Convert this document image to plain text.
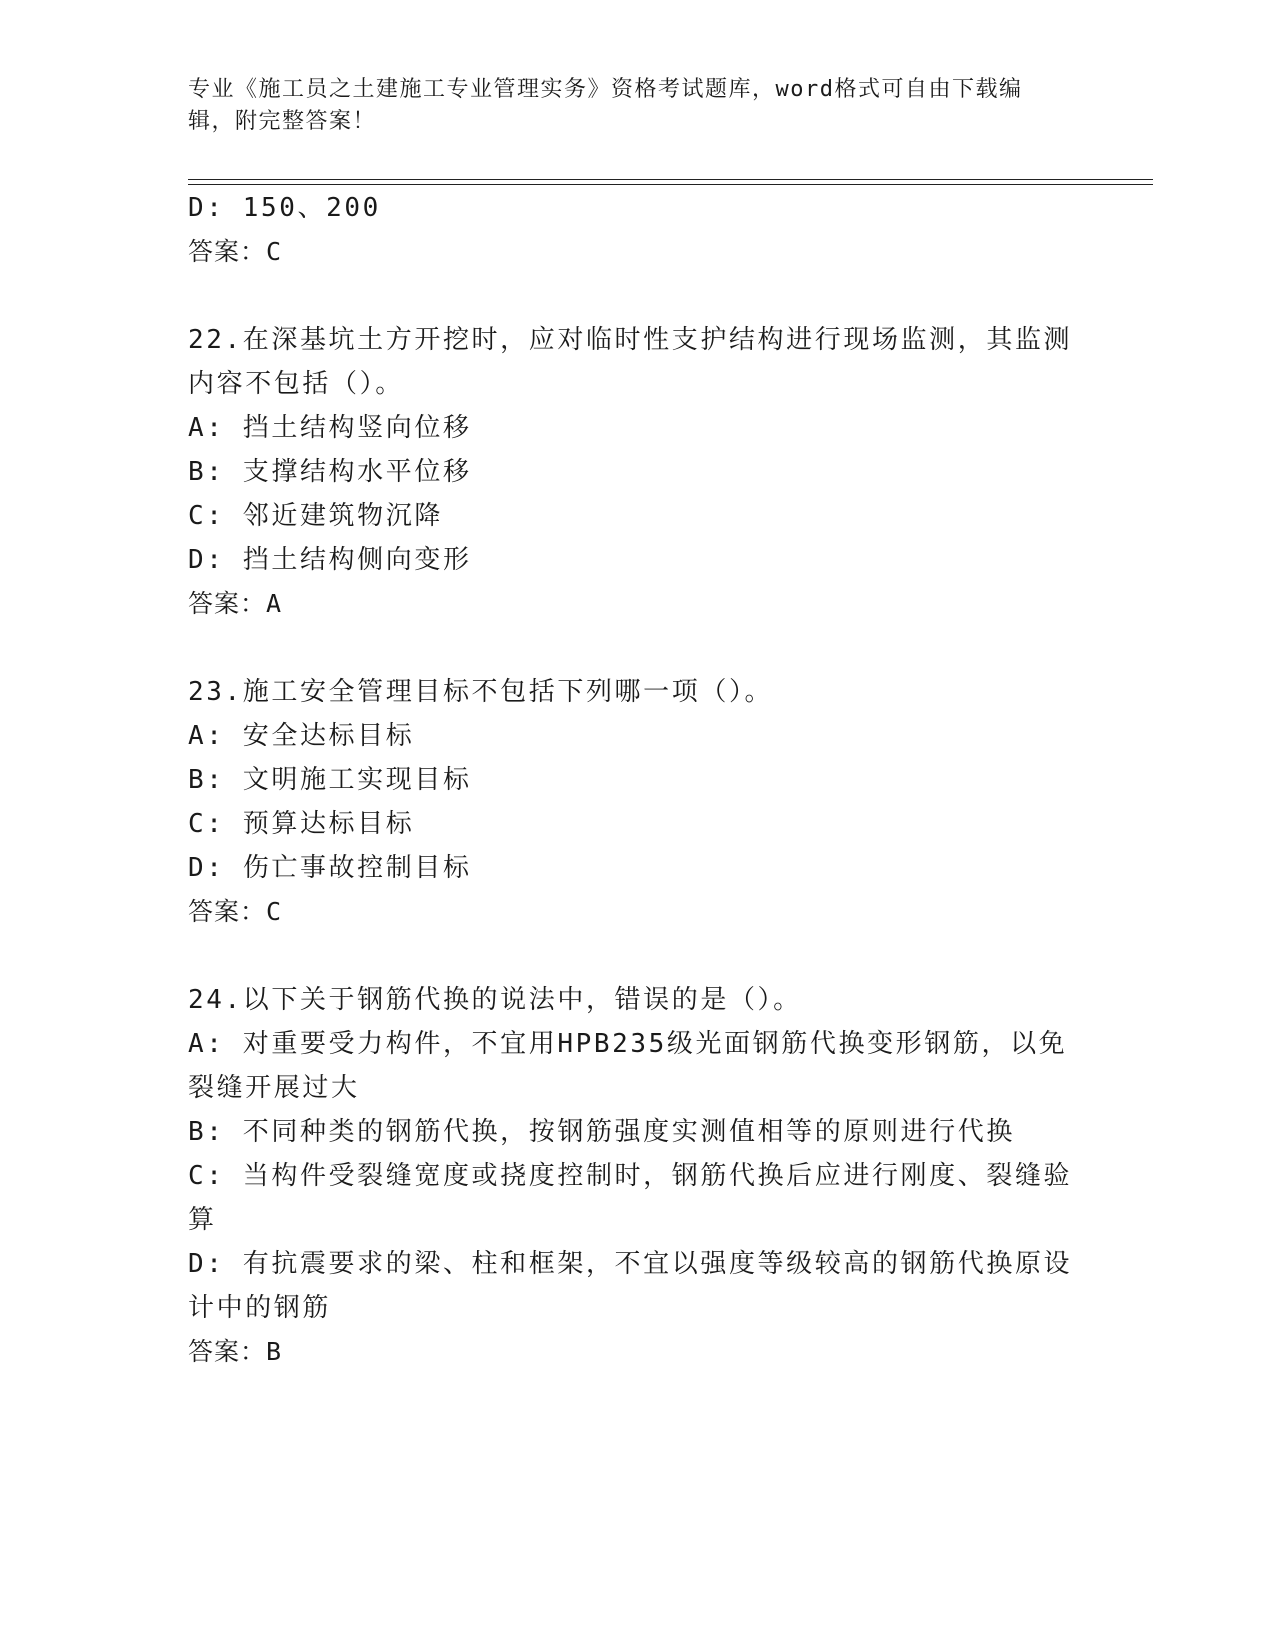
专业《施工员之土建施工专业管理实务》资格考试题库，word格式可自由下载编
辑，附完整答案！
D: 150、200
答案：C
22.在深基坑土方开挖时，应对临时性支护结构进行现场监测，其监测
内容不包括（）。
A: 挡土结构竖向位移
B: 支撑结构水平位移
C: 邻近建筑物沉降
D: 挡土结构侧向变形
答案：A
23.施工安全管理目标不包括下列哪一项（）。
A: 安全达标目标
B: 文明施工实现目标
C: 预算达标目标
D: 伤亡事故控制目标
答案：C
24.以下关于钢筋代换的说法中，错误的是（）。
A: 对重要受力构件，不宜用HPB235级光面钢筋代换变形钢筋，以免
裂缝开展过大
B: 不同种类的钢筋代换，按钢筋强度实测值相等的原则进行代换
C: 当构件受裂缝宽度或挠度控制时，钢筋代换后应进行刚度、裂缝验
算
D: 有抗震要求的梁、柱和框架，不宜以强度等级较高的钢筋代换原设
计中的钢筋
答案：B
